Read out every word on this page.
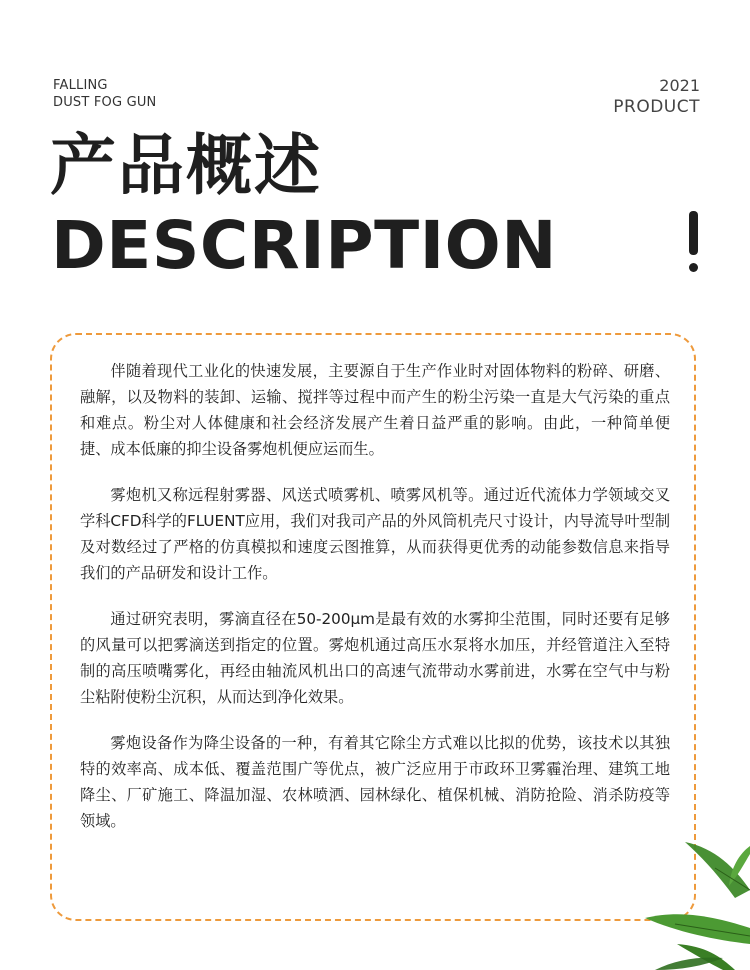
FALLING
DUST FOG GUN
2021
PRODUCT
产品概述
DESCRIPTION

伴随着现代工业化的快速发展，主要源自于生产作业时对固体物料的粉碎、研磨、融解，以及物料的装卸、运输、搅拌等过程中而产生的粉尘污染一直是大气污染的重点和难点。粉尘对人体健康和社会经济发展产生着日益严重的影响。由此，一种简单便捷、成本低廉的抑尘设备雾炮机便应运而生。

雾炮机又称远程射雾器、风送式喷雾机、喷雾风机等。通过近代流体力学领域交叉学科CFD科学的FLUENT应用，我们对我司产品的外风筒机壳尺寸设计，内导流导叶型制及对数经过了严格的仿真模拟和速度云图推算，从而获得更优秀的动能参数信息来指导我们的产品研发和设计工作。

通过研究表明，雾滴直径在50-200μm是最有效的水雾抑尘范围，同时还要有足够的风量可以把雾滴送到指定的位置。雾炮机通过高压水泵将水加压，并经管道注入至特制的高压喷嘴雾化，再经由轴流风机出口的高速气流带动水雾前进，水雾在空气中与粉尘粘附使粉尘沉积，从而达到净化效果。

雾炮设备作为降尘设备的一种，有着其它除尘方式难以比拟的优势，该技术以其独特的效率高、成本低、覆盖范围广等优点，被广泛应用于市政环卫雾霾治理、建筑工地降尘、厂矿施工、降温加湿、农林喷洒、园林绿化、植保机械、消防抢险、消杀防疫等领域。
